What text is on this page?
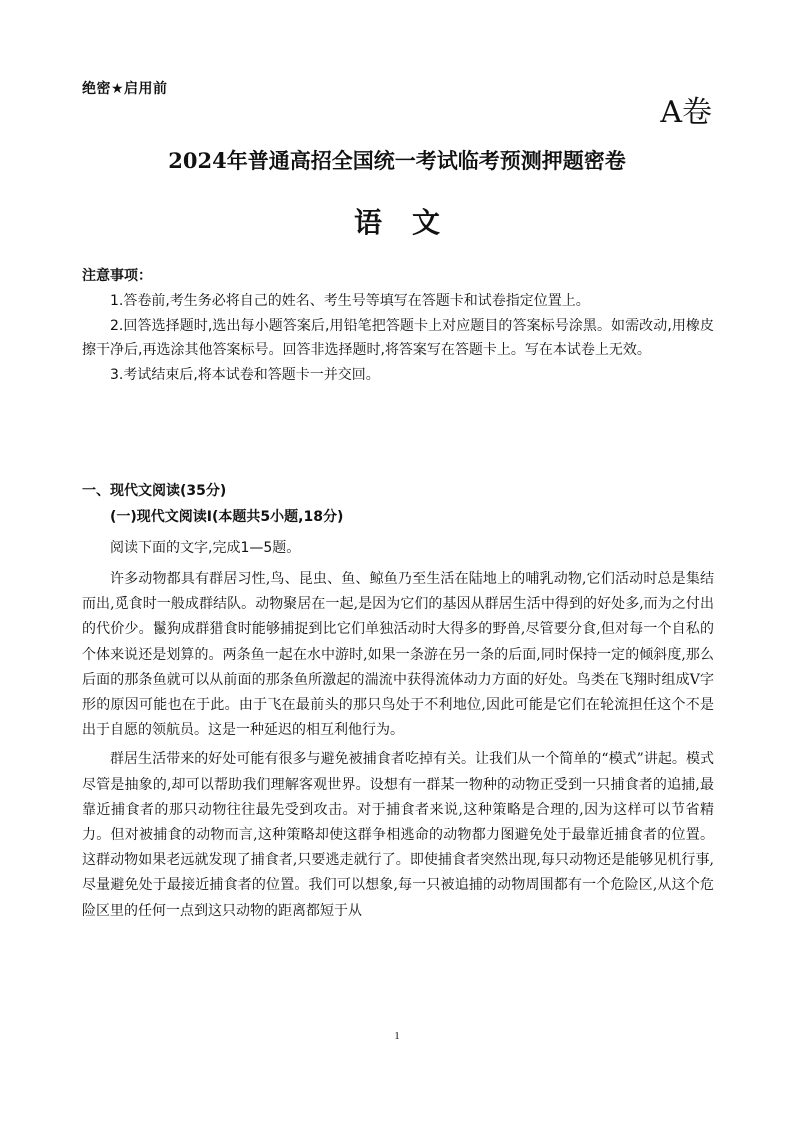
绝密★启用前
A卷
2024年普通高招全国统一考试临考预测押题密卷
语文
注意事项：

1.答卷前,考生务必将自己的姓名、考生号等填写在答题卡和试卷指定位置上。

2.回答选择题时,选出每小题答案后,用铅笔把答题卡上对应题目的答案标号涂黑。如需改动,用橡皮擦干净后,再选涂其他答案标号。回答非选择题时,将答案写在答题卡上。写在本试卷上无效。

3.考试结束后,将本试卷和答题卡一并交回。

一、现代文阅读(35分)
(一)现代文阅读Ⅰ(本题共5小题,18分)
阅读下面的文字,完成1—5题。

许多动物都具有群居习性,鸟、昆虫、鱼、鲸鱼乃至生活在陆地上的哺乳动物,它们活动时总是集结而出,觅食时一般成群结队。动物聚居在一起,是因为它们的基因从群居生活中得到的好处多,而为之付出的代价少。鬣狗成群猎食时能够捕捉到比它们单独活动时大得多的野兽,尽管要分食,但对每一个自私的个体来说还是划算的。两条鱼一起在水中游时,如果一条游在另一条的后面,同时保持一定的倾斜度,那么后面的那条鱼就可以从前面的那条鱼所激起的湍流中获得流体动力方面的好处。鸟类在飞翔时组成V字形的原因可能也在于此。由于飞在最前头的那只鸟处于不利地位,因此可能是它们在轮流担任这个不是出于自愿的领航员。这是一种延迟的相互利他行为。

群居生活带来的好处可能有很多与避免被捕食者吃掉有关。让我们从一个简单的“模式”讲起。模式尽管是抽象的,却可以帮助我们理解客观世界。设想有一群某一物种的动物正受到一只捕食者的追捕,最靠近捕食者的那只动物往往最先受到攻击。对于捕食者来说,这种策略是合理的,因为这样可以节省精力。但对被捕食的动物而言,这种策略却使这群争相逃命的动物都力图避免处于最靠近捕食者的位置。这群动物如果老远就发现了捕食者,只要逃走就行了。即使捕食者突然出现,每只动物还是能够见机行事,尽量避免处于最接近捕食者的位置。我们可以想象,每一只被追捕的动物周围都有一个危险区,从这个危险区里的任何一点到这只动物的距离都短于从

1
